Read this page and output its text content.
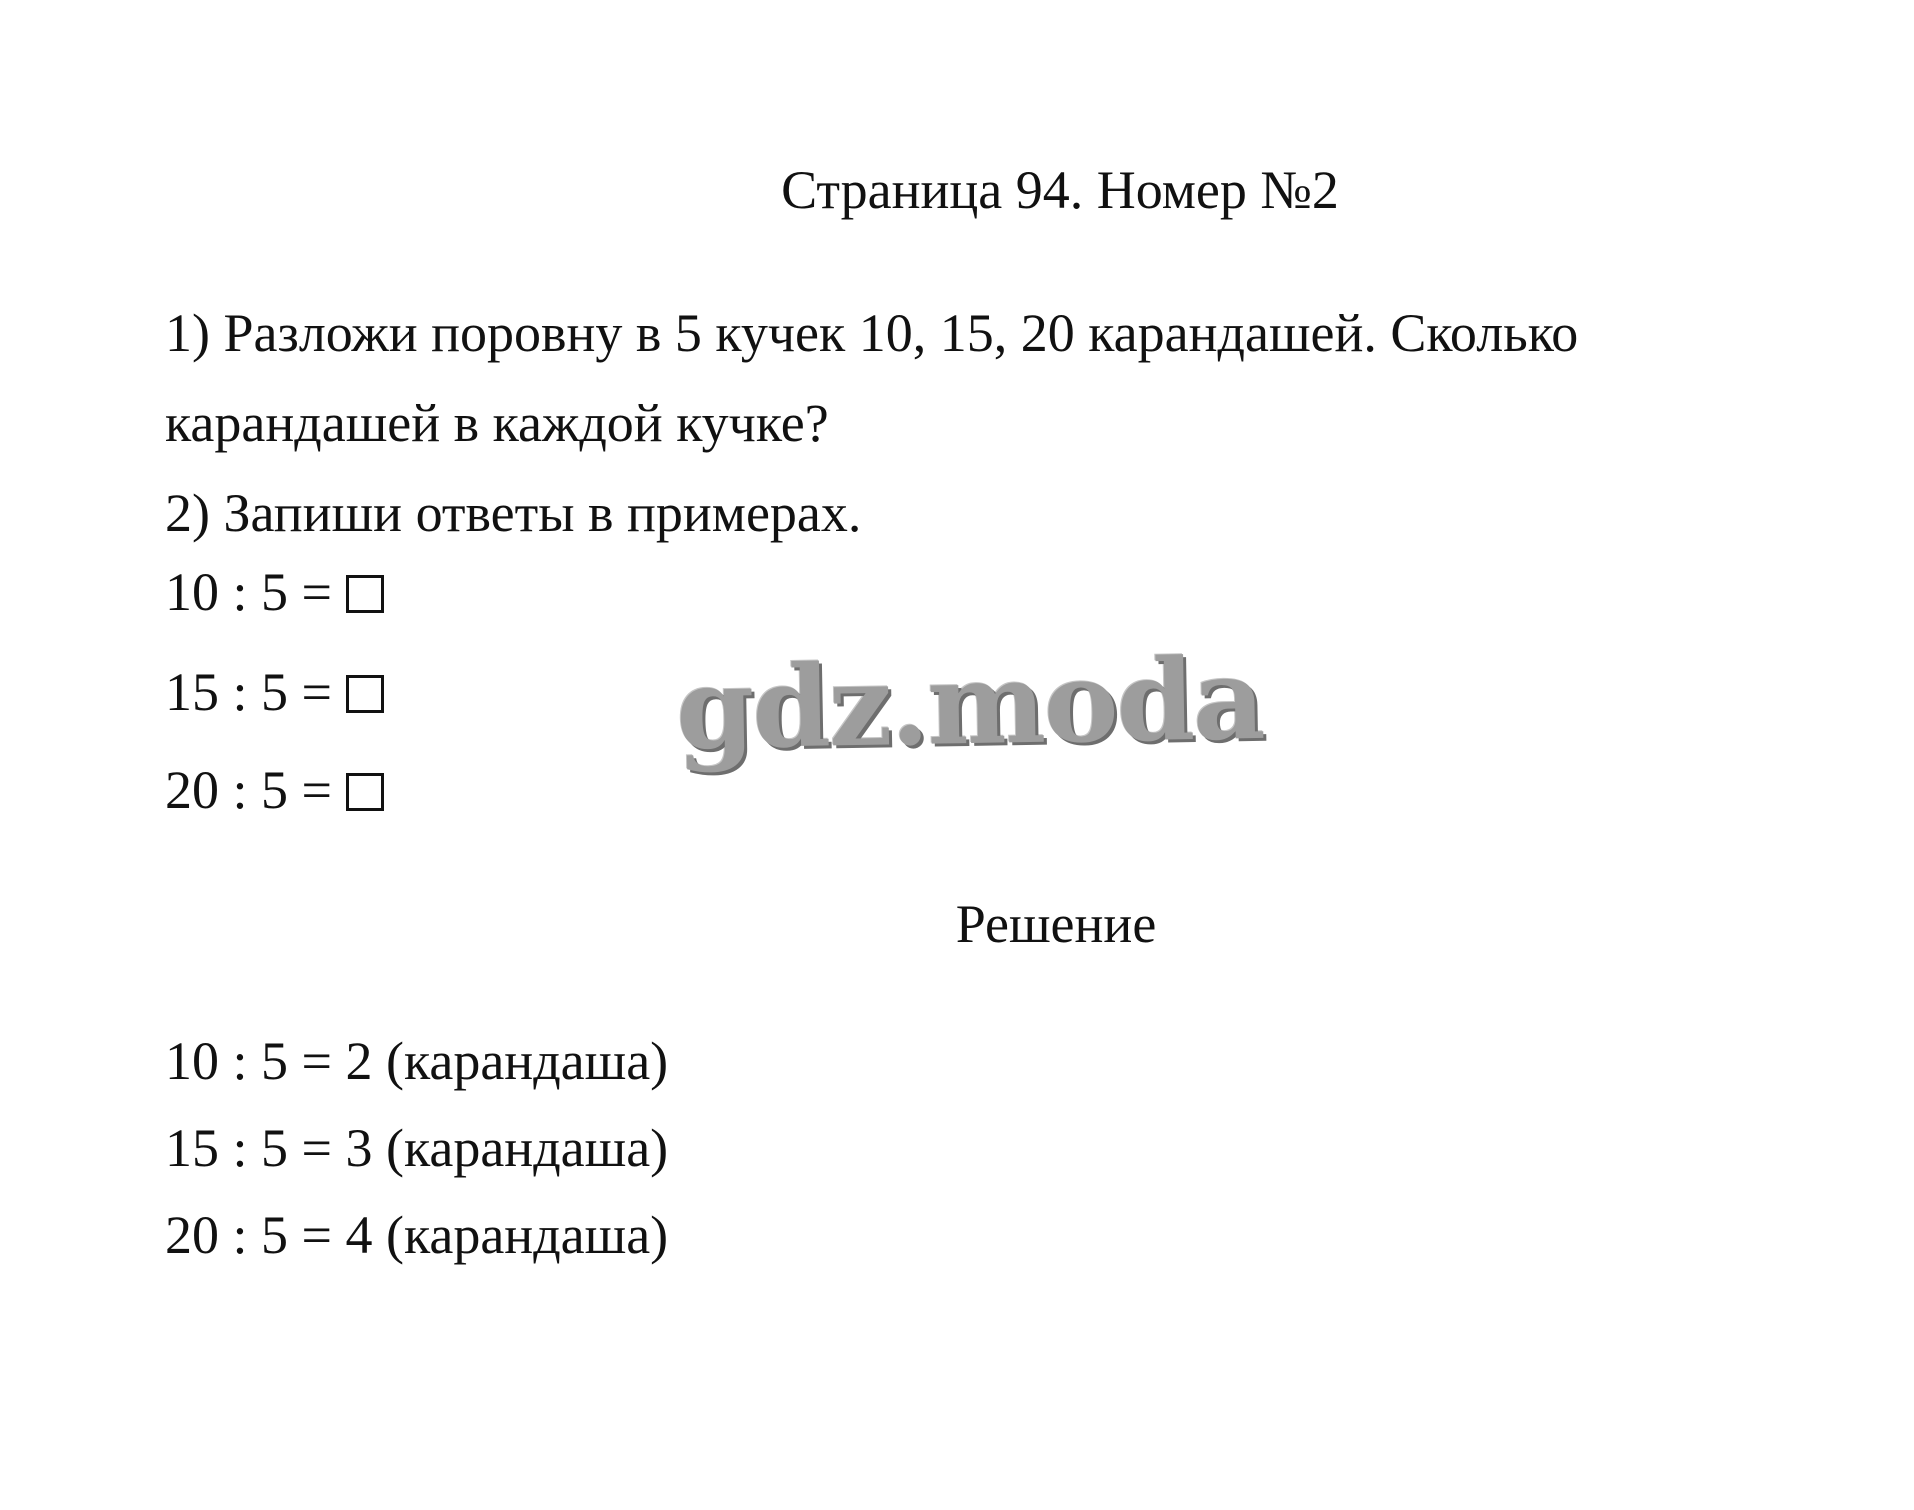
Страница 94. Номер №2

1) Разложи поровну в 5 кучек 10, 15, 20 карандашей. Сколько

карандашей в каждой кучке?

2) Запиши ответы в примерах.

10 : 5 =
15 : 5 =
20 : 5 =
gdz.moda
Решение

10 : 5 = 2 (карандаша)

15 : 5 = 3 (карандаша)

20 : 5 = 4 (карандаша)
